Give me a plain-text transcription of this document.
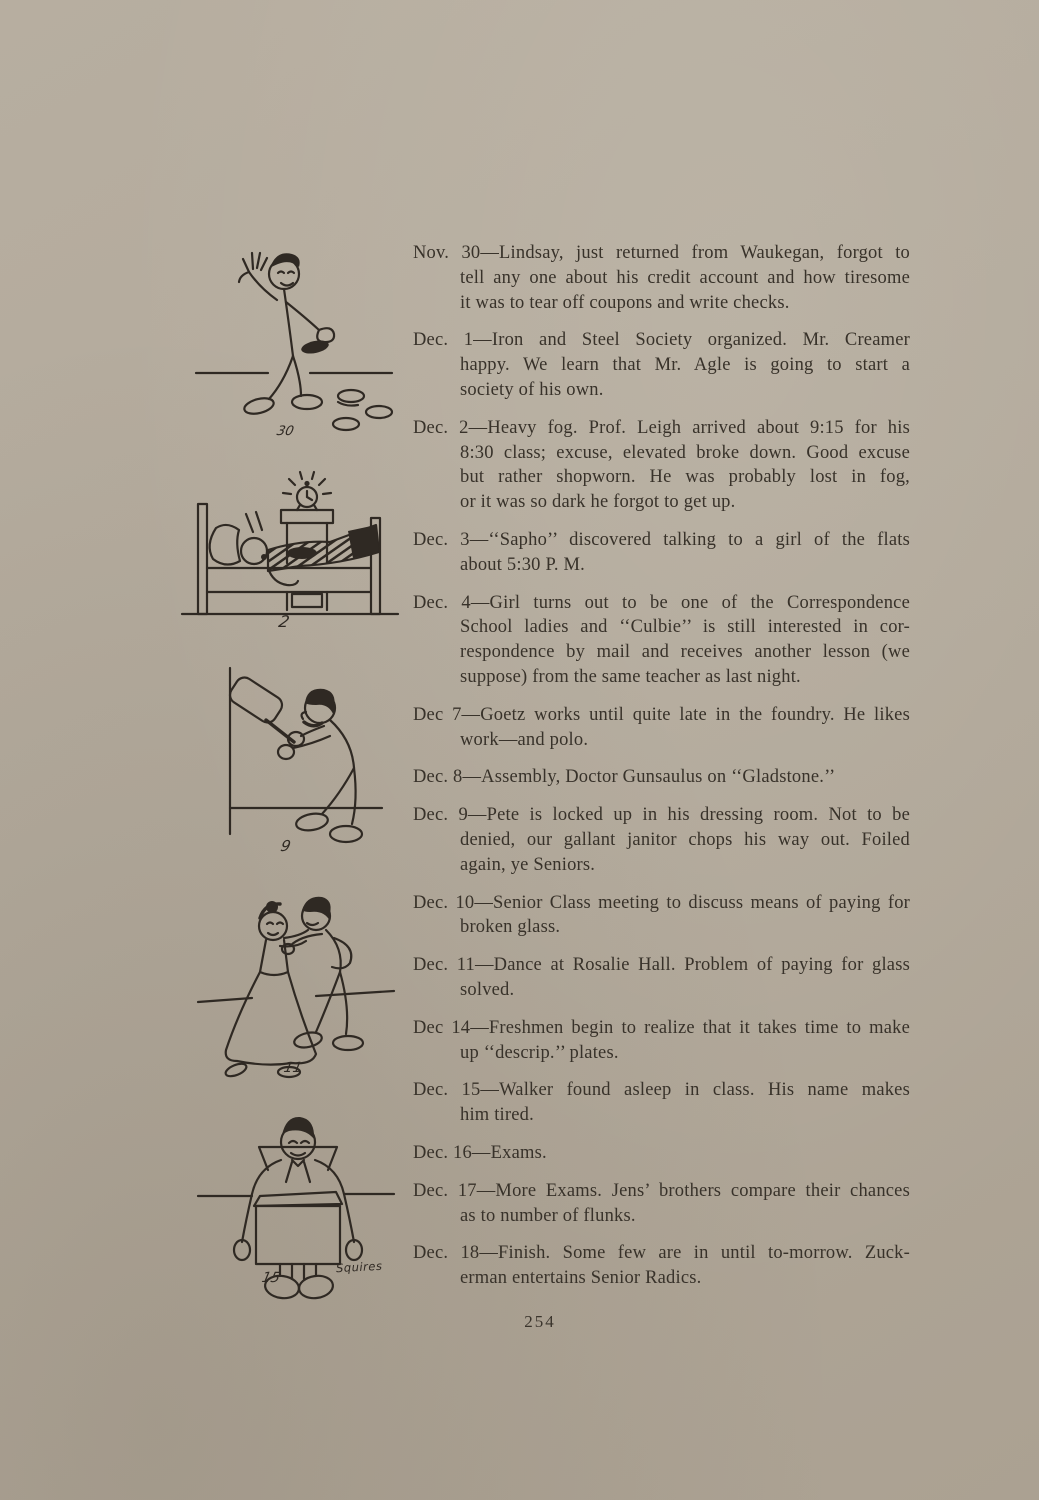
Nov. 30—Lindsay, just returned from Waukegan, forgot to
tell any one about his credit account and how tiresome
it was to tear off coupons and write checks.
Dec. 1—Iron and Steel Society organized. Mr. Creamer
happy. We learn that Mr. Agle is going to start a
society of his own.
Dec. 2—Heavy fog. Prof. Leigh arrived about 9:15 for his
8:30 class; excuse, elevated broke down. Good excuse
but rather shopworn. He was probably lost in fog,
or it was so dark he forgot to get up.
Dec. 3—‘‘Sapho’’ discovered talking to a girl of the flats
about 5:30 P. M.
Dec. 4—Girl turns out to be one of the Correspondence
School ladies and ‘‘Culbie’’ is still interested in cor-
respondence by mail and receives another lesson (we
suppose) from the same teacher as last night.
Dec 7—Goetz works until quite late in the foundry. He likes
work—and polo.
Dec. 8—Assembly, Doctor Gunsaulus on ‘‘Gladstone.’’
Dec. 9—Pete is locked up in his dressing room. Not to be
denied, our gallant janitor chops his way out. Foiled
again, ye Seniors.
Dec. 10—Senior Class meeting to discuss means of paying for
broken glass.
Dec. 11—Dance at Rosalie Hall. Problem of paying for glass
solved.
Dec 14—Freshmen begin to realize that it takes time to make
up ‘‘descrip.’’ plates.
Dec. 15—Walker found asleep in class. His name makes
him tired.
Dec. 16—Exams.
Dec. 17—More Exams. Jens’ brothers compare their chances
as to number of flunks.
Dec. 18—Finish. Some few are in until to-morrow. Zuck-
erman entertains Senior Radics.
254
30
2
9
11
15
Squires
